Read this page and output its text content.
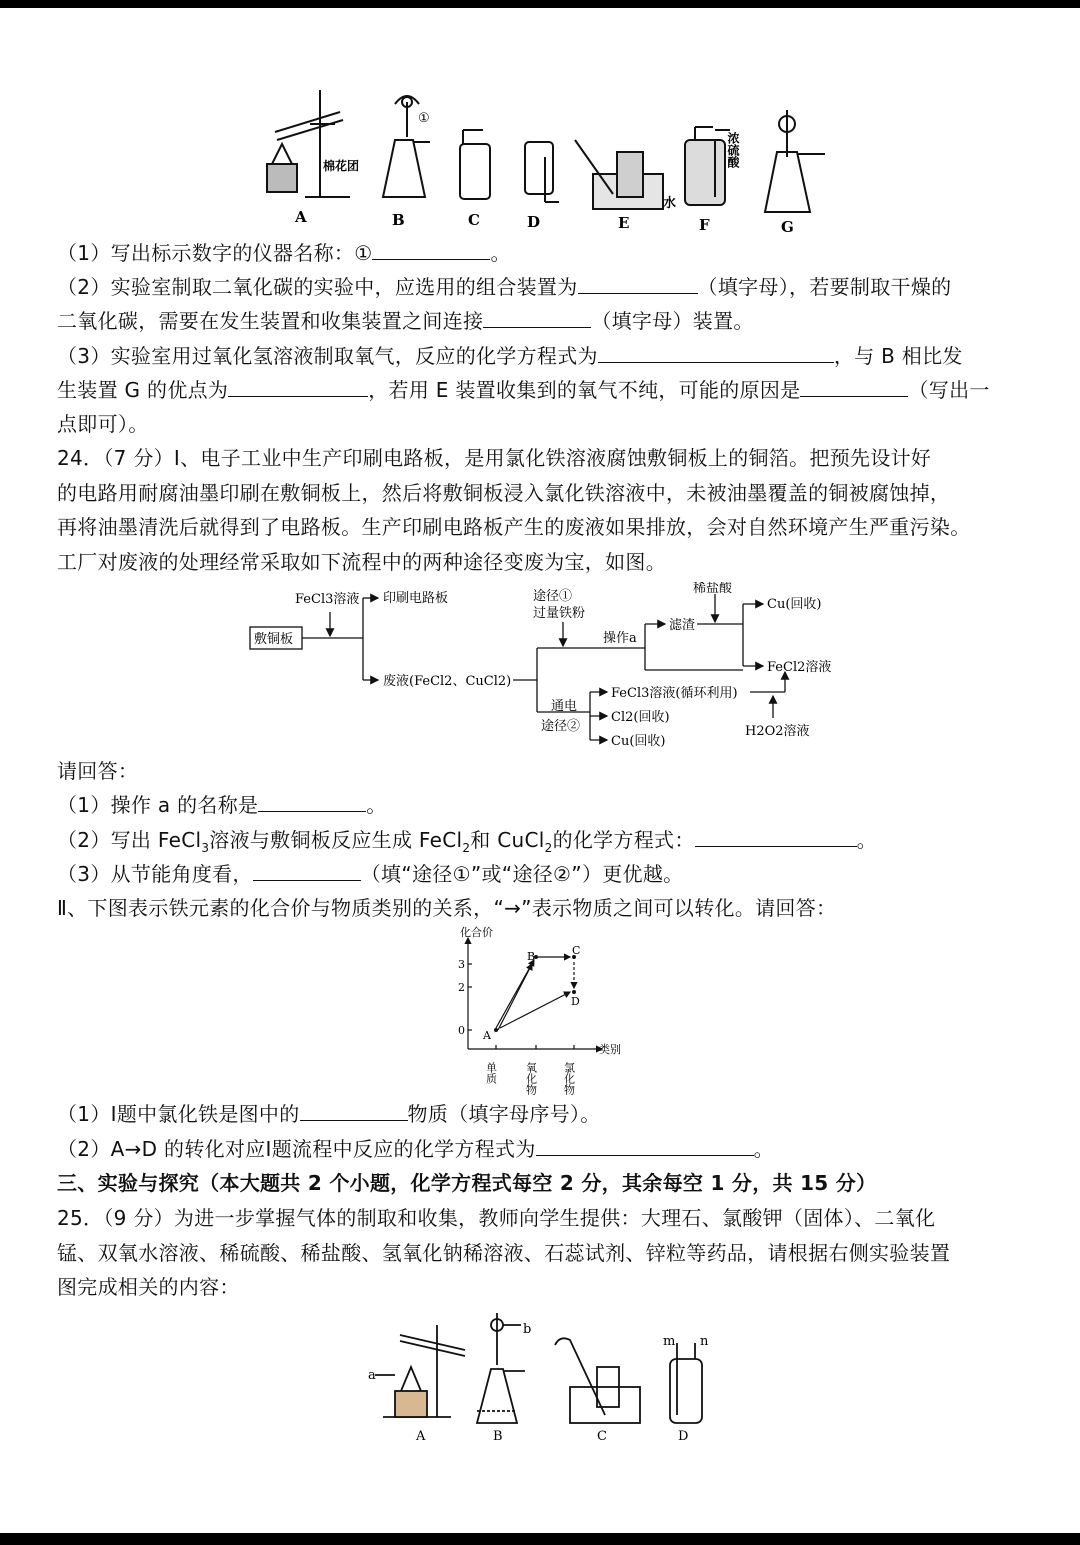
A	B	C	D	E	F	G
①
棉花团
水
浓硫酸
（1）写出标示数字的仪器名称：①	。
（2）实验室制取二氧化碳的实验中，应选用的组合装置为	（填字母），若要制取干燥的
二氧化碳，需要在发生装置和收集装置之间连接	（填字母）装置。
（3）实验室用过氧化氢溶液制取氧气，反应的化学方程式为	，与 B 相比发
生装置 G 的优点为	，若用 E 装置收集到的氧气不纯，可能的原因是	（写出一
点即可）。
24．（7 分）Ⅰ、电子工业中生产印刷电路板，是用氯化铁溶液腐蚀敷铜板上的铜箔。把预先设计好
的电路用耐腐油墨印刷在敷铜板上，然后将敷铜板浸入氯化铁溶液中，未被油墨覆盖的铜被腐蚀掉，
再将油墨清洗后就得到了电路板。生产印刷电路板产生的废液如果排放，会对自然环境产生严重污染。
工厂对废液的处理经常采取如下流程中的两种途径变废为宝，如图。
敷铜板
FeCl3溶液 印刷电路板
废液(FeCl2、CuCl2)
途径①
过量铁粉
操作a
滤渣
稀盐酸
Cu(回收)
FeCl2溶液
通电
途径②
FeCl3溶液(循环利用)
Cl2(回收)
Cu(回收)
H2O2溶液
请回答：
（1）操作 a 的名称是	。
（2）写出 FeCl$_3$溶液与敷铜板反应生成 FeCl$_2$和 CuCl$_2$的化学方程式：	。
（3）从节能角度看，	（填“途径①”或“途径②”）更优越。
Ⅱ、下图表示铁元素的化合价与物质类别的关系，“→”表示物质之间可以转化。请回答：
化合价
类别
0
2
3
A
B	C
D
单质 氧化物 氯化物
（1）Ⅰ题中氯化铁是图中的	物质（填字母序号）。
（2）A→D 的转化对应Ⅰ题流程中反应的化学方程式为	。
三、实验与探究（本大题共 2 个小题，化学方程式每空 2 分，其余每空 1 分，共 15 分）
25．（9 分）为进一步掌握气体的制取和收集，教师向学生提供：大理石、氯酸钾（固体）、二氧化
锰、双氧水溶液、稀硫酸、稀盐酸、氢氧化钠稀溶液、石蕊试剂、锌粒等药品，请根据右侧实验装置
图完成相关的内容：
A	B	C	D
a
b
m n
